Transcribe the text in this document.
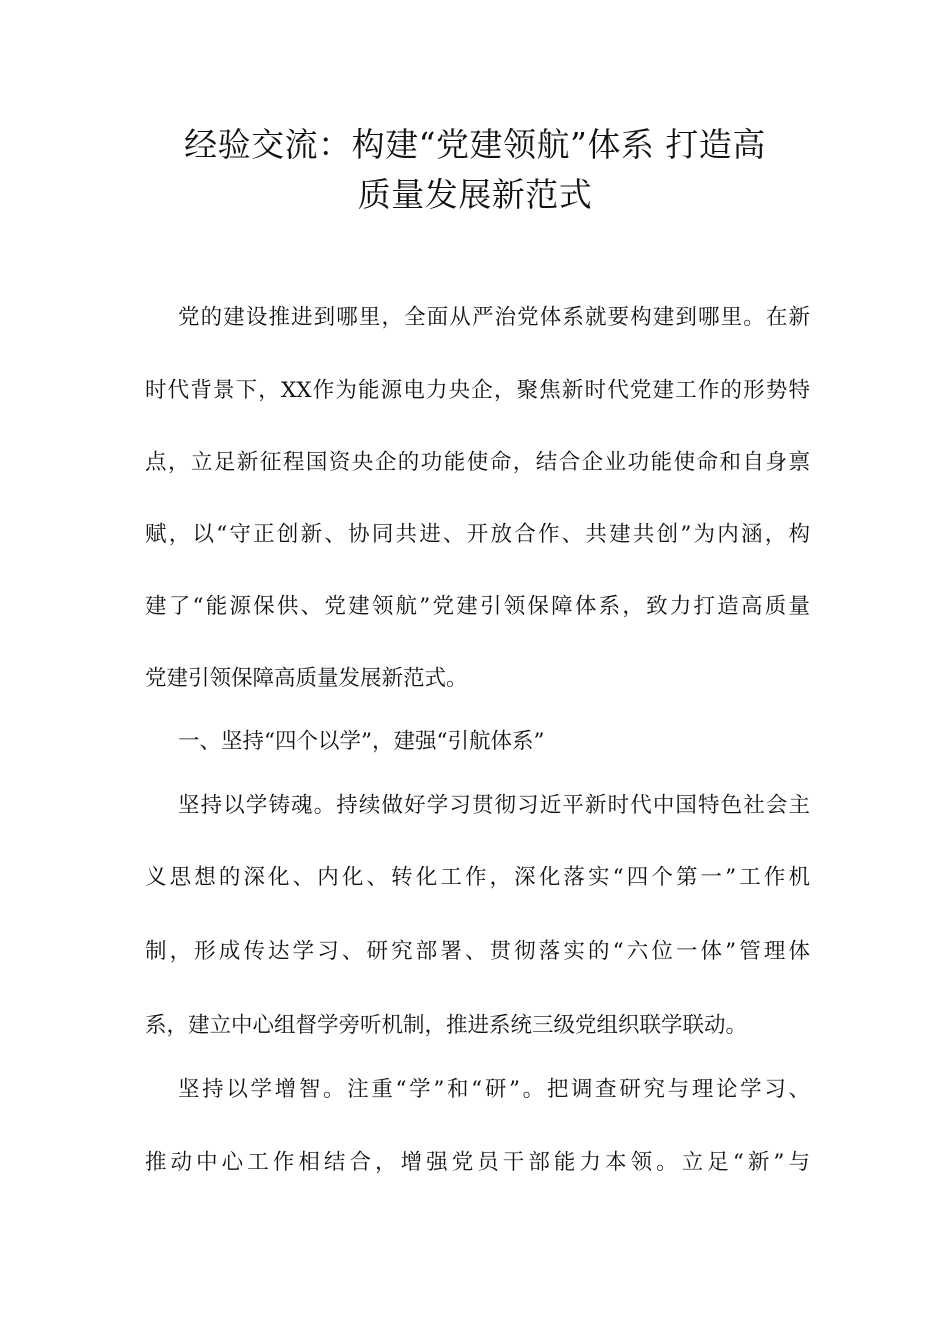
经验交流：构建“党建领航”体系 打造高
质量发展新范式
党的建设推进到哪里，全面从严治党体系就要构建到哪里。在新
时代背景下，XX作为能源电力央企，聚焦新时代党建工作的形势特
点，立足新征程国资央企的功能使命，结合企业功能使命和自身禀
赋，以“守正创新、协同共进、开放合作、共建共创”为内涵，构
建了“能源保供、党建领航”党建引领保障体系，致力打造高质量
党建引领保障高质量发展新范式。
一、坚持“四个以学”，建强“引航体系”
坚持以学铸魂。持续做好学习贯彻习近平新时代中国特色社会主
义思想的深化、内化、转化工作，深化落实“四个第一”工作机
制，形成传达学习、研究部署、贯彻落实的“六位一体”管理体
系，建立中心组督学旁听机制，推进系统三级党组织联学联动。
坚持以学增智。注重“学”和“研”。把调查研究与理论学习、
推动中心工作相结合，增强党员干部能力本领。立足“新”与
